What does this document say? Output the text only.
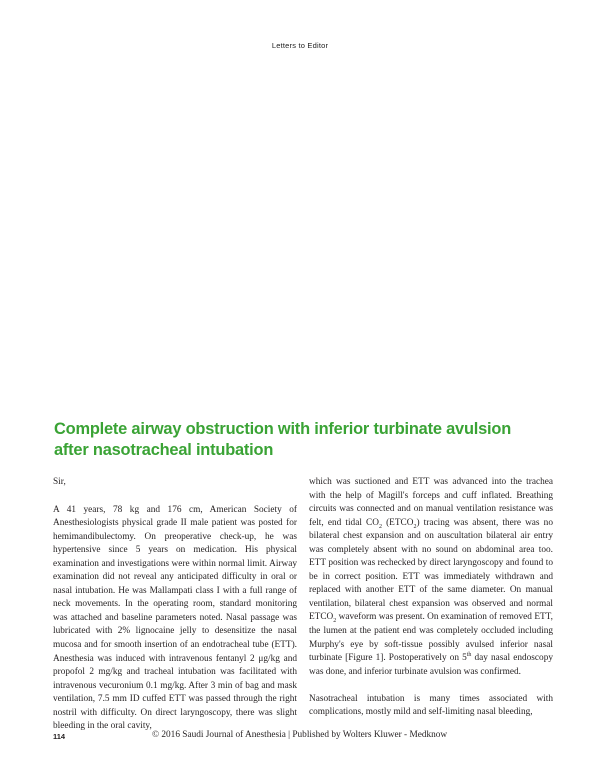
Letters to Editor
Complete airway obstruction with inferior turbinate avulsion
after nasotracheal intubation

Sir,

A 41 years, 78 kg and 176 cm, American Society of Anesthesiologists physical grade II male patient was posted for hemimandibulectomy. On preoperative check-up, he was hypertensive since 5 years on medication. His physical examination and investigations were within normal limit. Airway examination did not reveal any anticipated difficulty in oral or nasal intubation. He was Mallampati class I with a full range of neck movements. In the operating room, standard monitoring was attached and baseline parameters noted. Nasal passage was lubricated with 2% lignocaine jelly to desensitize the nasal mucosa and for smooth insertion of an endotracheal tube (ETT). Anesthesia was induced with intravenous fentanyl 2 μg/kg and propofol 2 mg/kg and tracheal intubation was facilitated with intravenous vecuronium 0.1 mg/kg. After 3 min of bag and mask ventilation, 7.5 mm ID cuffed ETT was passed through the right nostril with difficulty. On direct laryngoscopy, there was slight bleeding in the oral cavity,

which was suctioned and ETT was advanced into the trachea with the help of Magill's forceps and cuff inflated. Breathing circuits was connected and on manual ventilation resistance was felt, end tidal $CO_2$ $(ETCO_2)$ tracing was absent, there was no bilateral chest expansion and on auscultation bilateral air entry was completely absent with no sound on abdominal area too. ETT position was rechecked by direct laryngoscopy and found to be in correct position. ETT was immediately withdrawn and replaced with another ETT of the same diameter. On manual ventilation, bilateral chest expansion was observed and normal $ETCO_2$ waveform was present. On examination of removed ETT, the lumen at the patient end was completely occluded including Murphy's eye by soft-tissue possibly avulsed inferior nasal turbinate [Figure 1]. Postoperatively on 5th day nasal endoscopy was done, and inferior turbinate avulsion was confirmed.

Nasotracheal intubation is many times associated with complications, mostly mild and self-limiting nasal bleeding,

114	© 2016 Saudi Journal of Anesthesia | Published by Wolters Kluwer - Medknow
